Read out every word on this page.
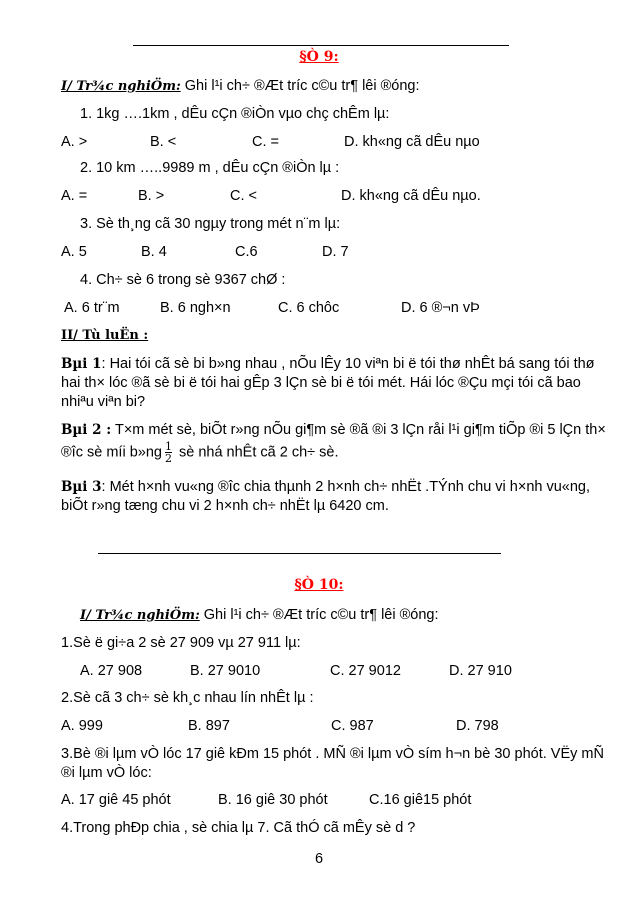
§Ò 9:
I/ Tr¾c nghiÖm: Ghi l¹i ch÷ ®Æt tríc c©u tr¶ lêi ®óng:
1. 1kg ….1km , dÊu cÇn ®iÒn vµo chç chÊm lµ:
A. >	B. <	C. =	D. kh«ng cã dÊu nµo
2. 10 km …..9989 m , dÊu cÇn ®iÒn lµ :
A. =	B. >	C. <	D. kh«ng cã dÊu nµo.
3. Sè th¸ng cã 30 ngµy trong mét n¨m lµ:
A. 5	B. 4	C.6	D. 7
4. Ch÷ sè 6 trong sè 9367 chØ :
A. 6 tr¨m	B. 6 ngh×n	C. 6 chôc	D. 6 ®¬n vÞ
II/ Tù luËn :
Bµi 1: Hai tói cã sè bi b»ng nhau , nÕu lÊy 10 viªn bi ë tói thø nhÊt bá sang tói thø hai th× lóc ®ã sè bi ë tói hai gÊp 3 lÇn sè bi ë tói mét. Hái lóc ®Çu mçi tói cã bao nhiªu viªn bi?
Bµi 2 : T×m mét sè, biÕt r»ng nÕu gi¶m sè ®ã ®i 3 lÇn råi l¹i gi¶m tiÕp ®i 5 lÇn th× ®îc sè míi b»ng $\frac{1}{2}$ sè nhá nhÊt cã 2 ch÷ sè.
Bµi 3: Mét h×nh vu«ng ®îc chia thµnh 2 h×nh ch÷ nhËt .TÝnh chu vi h×nh vu«ng, biÕt r»ng tæng chu vi 2 h×nh ch÷ nhËt lµ 6420 cm.
§Ò 10:
I/ Tr¾c nghiÖm: Ghi l¹i ch÷ ®Æt tríc c©u tr¶ lêi ®óng:
1.Sè ë gi÷a 2 sè 27 909 vµ 27 911 lµ:
A. 27 908	B. 27 9010	C. 27 9012	D. 27 910
2.Sè cã 3 ch÷ sè kh¸c nhau lín nhÊt lµ :
A. 999	B. 897	C. 987	D. 798
3.Bè ®i lµm vÒ lóc 17 giê kÐm 15 phót . MÑ ®i lµm vÒ sím h¬n bè 30 phót. VËy mÑ ®i lµm vÒ lóc:
A. 17 giê 45 phót	B. 16 giê 30 phót	C.16 giê15 phót
4.Trong phÐp chia , sè chia lµ 7. Cã thÓ cã mÊy sè d ?
6
